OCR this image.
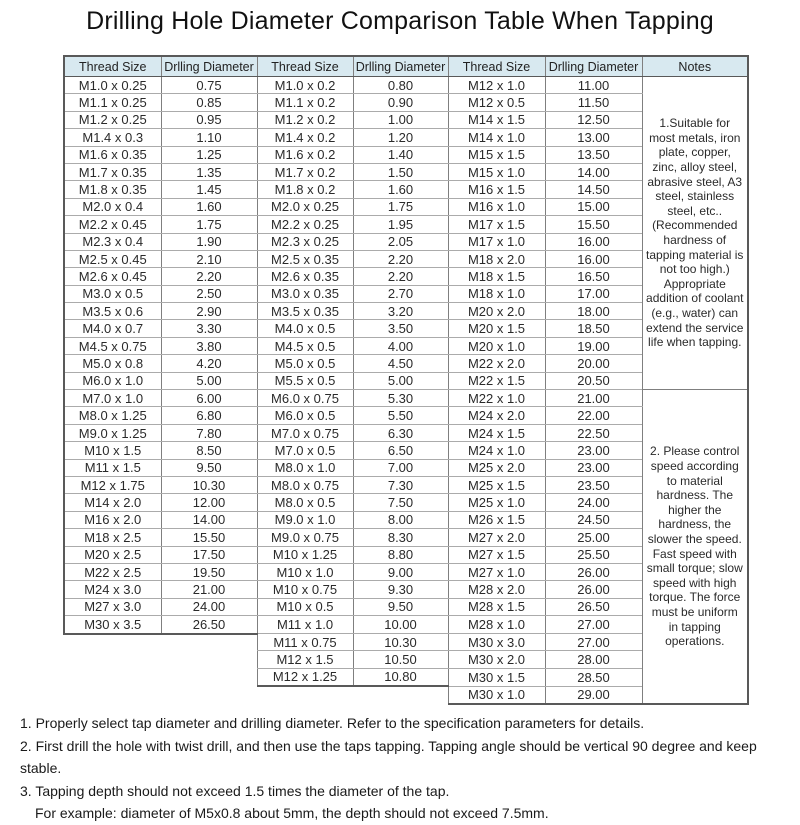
Drilling Hole Diameter Comparison Table When Tapping
Thread Size	Drlling Diameter	Thread Size	Drlling Diameter	Thread Size	Drlling Diameter	Notes
M1.0 x 0.25	0.75	M1.0 x 0.2	0.80	M12 x 1.0	11.00	1.Suitable for most metals, iron plate, copper, zinc, alloy steel, abrasive steel, A3 steel, stainless steel, etc..(Recommended hardness of tapping material is not too high.) Appropriate addition of coolant (e.g., water) can extend the service life when tapping.
M1.1 x 0.25	0.85	M1.1 x 0.2	0.90	M12 x 0.5	11.50	
M1.2 x 0.25	0.95	M1.2 x 0.2	1.00	M14 x 1.5	12.50	
M1.4 x 0.3	1.10	M1.4 x 0.2	1.20	M14 x 1.0	13.00	
M1.6 x 0.35	1.25	M1.6 x 0.2	1.40	M15 x 1.5	13.50	
M1.7 x 0.35	1.35	M1.7 x 0.2	1.50	M15 x 1.0	14.00	
M1.8 x 0.35	1.45	M1.8 x 0.2	1.60	M16 x 1.5	14.50	
M2.0 x 0.4	1.60	M2.0 x 0.25	1.75	M16 x 1.0	15.00	
M2.2 x 0.45	1.75	M2.2 x 0.25	1.95	M17 x 1.5	15.50	
M2.3 x 0.4	1.90	M2.3 x 0.25	2.05	M17 x 1.0	16.00	
M2.5 x 0.45	2.10	M2.5 x 0.35	2.20	M18 x 2.0	16.00	
M2.6 x 0.45	2.20	M2.6 x 0.35	2.20	M18 x 1.5	16.50	
M3.0 x 0.5	2.50	M3.0 x 0.35	2.70	M18 x 1.0	17.00	
M3.5 x 0.6	2.90	M3.5 x 0.35	3.20	M20 x 2.0	18.00	
M4.0 x 0.7	3.30	M4.0 x 0.5	3.50	M20 x 1.5	18.50	
M4.5 x 0.75	3.80	M4.5 x 0.5	4.00	M20 x 1.0	19.00	
M5.0 x 0.8	4.20	M5.0 x 0.5	4.50	M22 x 2.0	20.00	
M6.0 x 1.0	5.00	M5.5 x 0.5	5.00	M22 x 1.5	20.50	
M7.0 x 1.0	6.00	M6.0 x 0.75	5.30	M22 x 1.0	21.00	2. Please control speed according to material hardness. The higher the hardness, the slower the speed. Fast speed with small torque; slow speed with high torque. The force must be uniform in tapping operations.
M8.0 x 1.25	6.80	M6.0 x 0.5	5.50	M24 x 2.0	22.00	
M9.0 x 1.25	7.80	M7.0 x 0.75	6.30	M24 x 1.5	22.50	
M10 x 1.5	8.50	M7.0 x 0.5	6.50	M24 x 1.0	23.00	
M11 x 1.5	9.50	M8.0 x 1.0	7.00	M25 x 2.0	23.00	
M12 x 1.75	10.30	M8.0 x 0.75	7.30	M25 x 1.5	23.50	
M14 x 2.0	12.00	M8.0 x 0.5	7.50	M25 x 1.0	24.00	
M16 x 2.0	14.00	M9.0 x 1.0	8.00	M26 x 1.5	24.50	
M18 x 2.5	15.50	M9.0 x 0.75	8.30	M27 x 2.0	25.00	
M20 x 2.5	17.50	M10 x 1.25	8.80	M27 x 1.5	25.50	
M22 x 2.5	19.50	M10 x 1.0	9.00	M27 x 1.0	26.00	
M24 x 3.0	21.00	M10 x 0.75	9.30	M28 x 2.0	26.00	
M27 x 3.0	24.00	M10 x 0.5	9.50	M28 x 1.5	26.50	
M30 x 3.5	26.50	M11 x 1.0	10.00	M28 x 1.0	27.00	
		M11 x 0.75	10.30	M30 x 3.0	27.00	
		M12 x 1.5	10.50	M30 x 2.0	28.00	
		M12 x 1.25	10.80	M30 x 1.5	28.50	
				M30 x 1.0	29.00	
1. Properly select tap diameter and drilling diameter. Refer to the specification parameters for details.
2. First drill the hole with twist drill, and then use the taps tapping. Tapping angle should be vertical 90 degree and keep stable.
3. Tapping depth should not exceed 1.5 times the diameter of the tap.
For example: diameter of M5x0.8 about 5mm, the depth should not exceed 7.5mm.
